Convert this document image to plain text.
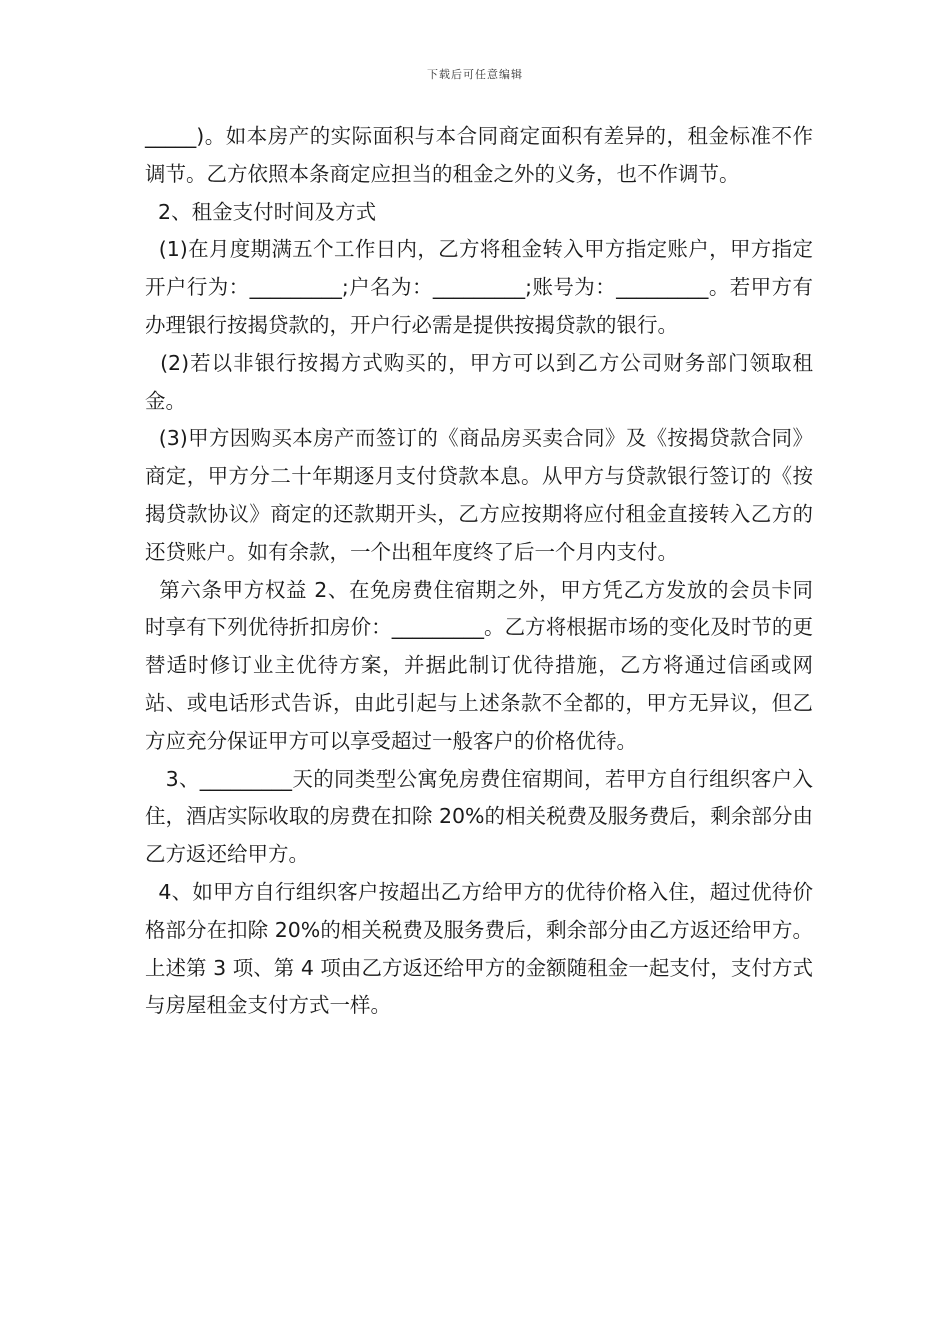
下载后可任意编辑

_____)。如本房产的实际面积与本合同商定面积有差异的，租金标准不作调节。乙方依照本条商定应担当的租金之外的义务，也不作调节。

2、租金支付时间及方式

(1)在月度期满五个工作日内，乙方将租金转入甲方指定账户，甲方指定开户行为：_________;户名为：_________;账号为：_________。若甲方有办理银行按揭贷款的，开户行必需是提供按揭贷款的银行。

(2)若以非银行按揭方式购买的，甲方可以到乙方公司财务部门领取租金。

(3)甲方因购买本房产而签订的《商品房买卖合同》及《按揭贷款合同》商定，甲方分二十年期逐月支付贷款本息。从甲方与贷款银行签订的《按揭贷款协议》商定的还款期开头，乙方应按期将应付租金直接转入乙方的还贷账户。如有余款，一个出租年度终了后一个月内支付。

第六条甲方权益 2、在免房费住宿期之外，甲方凭乙方发放的会员卡同时享有下列优待折扣房价：_________。乙方将根据市场的变化及时节的更替适时修订业主优待方案，并据此制订优待措施，乙方将通过信函或网站、或电话形式告诉，由此引起与上述条款不全都的，甲方无异议，但乙方应充分保证甲方可以享受超过一般客户的价格优待。

3、_________天的同类型公寓免房费住宿期间，若甲方自行组织客户入住，酒店实际收取的房费在扣除 20%的相关税费及服务费后，剩余部分由乙方返还给甲方。

4、如甲方自行组织客户按超出乙方给甲方的优待价格入住，超过优待价格部分在扣除 20%的相关税费及服务费后，剩余部分由乙方返还给甲方。上述第 3 项、第 4 项由乙方返还给甲方的金额随租金一起支付，支付方式与房屋租金支付方式一样。
